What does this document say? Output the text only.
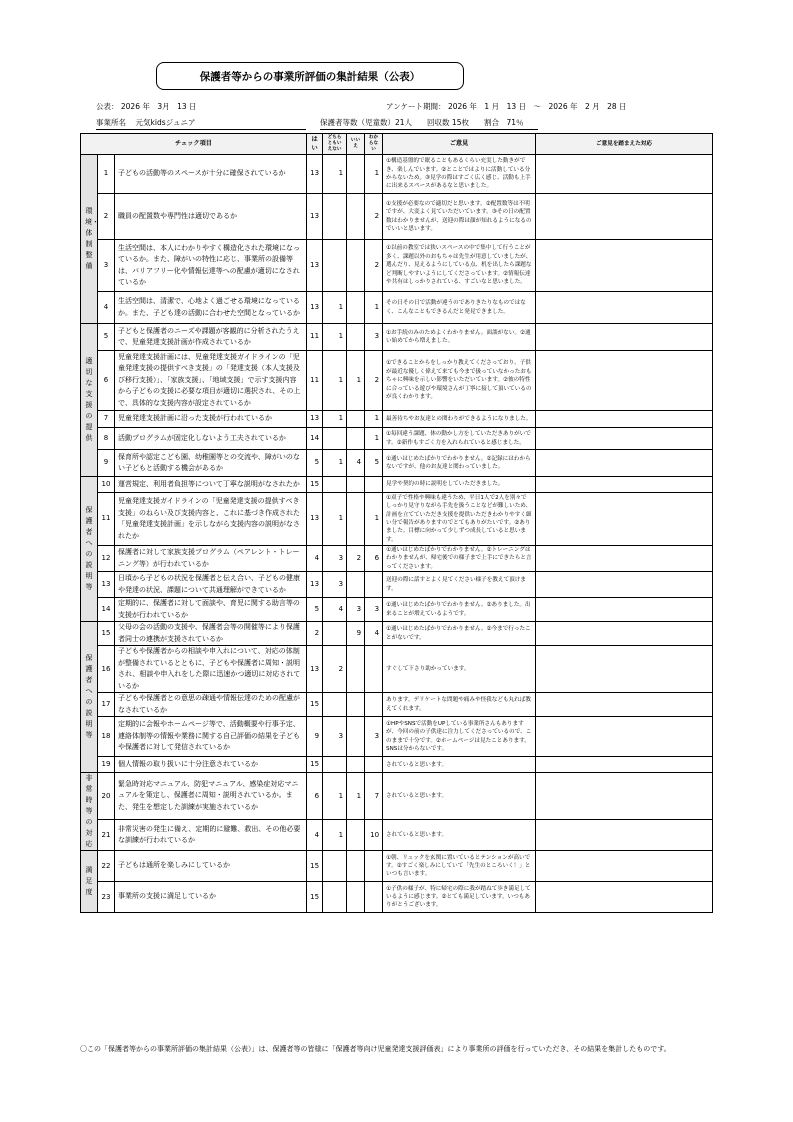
保護者等からの事業所評価の集計結果（公表）
公表： 2026 年　3月　13 日	アンケート期間： 2026 年　1 月　13 日　～　2026 年　2 月　28 日
事業所名 元気kidsジュニア	保護者等数（児童数）21人　　回収数 15枚　　割合　71％
チェック項目			はい	どちらともいえない	いいえ	わからない	ご意見	ご意見を踏まえた対応
環境・体制整備	1	子どもの活動等のスペースが十分に確保されているか	13	1		1	①構造基盤的で眠ることもあるくらい充実した動きができ、楽しんでいます。②とことではよりに活動している分からないため。③見学の際はすごく広く感じ、活動も上手に出来るスペースがあるなと思いました。	
	2	職員の配置数や専門性は適切であるか	13			2	①支援が必要なので適切だと思います。②配置数等は不明ですが、大変よく見ていただいています。③その日の配置数はわかりませんが、送迎の際は顔が知れるようになるのでいいと思います。	
	3	生活空間は、本人にわかりやすく構造化された環境になっているか。また、障がいの特性に応じ、事業所の設備等は、バリアフリー化や情報伝達等への配慮が適切になされているか	13			2	①以前の教室では狭いスペースの中で集中して行うことが多く、課題以外のおもちゃは先生が用意していましたが、選んだり、見えるようにしている点、机を出したら課題など判断しやすいようにしてくださっています。②情報伝達や共有はしっかりされている、すごいなと思いました。	
	4	生活空間は、清潔で、心地よく過ごせる環境になっているか。また、子ども達の活動に合わせた空間となっているか	13	1		1	その日その日で活動が違うのでありきたりなものではなく、こんなこともできるんだと発見できました。	
適切な支援の提供	5	子どもと保護者のニーズや課題が客観的に分析されたうえで、児童発達支援計画が作成されているか	11	1		3	①お手続のみのためよくわかりません。面談がない。②通い始めてから増えました。	
	6	児童発達支援計画には、児童発達支援ガイドラインの「児童発達支援の提供すべき支援」の「発達支援（本人支援及び移行支援）」、「家族支援」、「地域支援」で示す支援内容から子どもの支援に必要な項目が適切に選択され、その上で、具体的な支援内容が設定されているか	11	1	1	2	①できることからをしっかり教えてくださっており、子供が最近な優しく偉えて来ても今まで扱っていなかったおもちゃに興味を示しい影響をいただいています。②彼の特性に合っている遊びや環境さんが丁寧に接して頂いているのが良くわかります。	
	7	児童発達支援計画に沿った支援が行われているか	13	1		1	最善待ちやお友達との関わりができるようになりました。	
	8	活動プログラムが固定化しないよう工夫されているか	14			1	①毎回違う課題、体の動かし方をしていただきありがいです。②新作もすごく力を入れられていると感じました。	
	9	保育所や認定こども園、幼稚園等との交流や、障がいのない子どもと活動する機会があるか	5	1	4	5	①通いはじめたばかりでわかりません。②記録にはわからないですが、他のお友達と関わっていました。	
保護者への説明等	10	運営規定、利用者負担等について丁寧な説明がなされたか	15				見学や契約の時に説明をしていただきました。	
	11	児童発達支援ガイドラインの「児童発達支援の提供すべき支援」のねらい及び支援内容と、これに基づき作成された「児童発達支援計画」を示しながら支援内容の説明がなされたか	13	1		1	①双子で性格や興味も違うため、平日1人で2人を別々でしっかり見守りながら手先を扱うことなどが難しいため、計画を立てていただき支援を提供いただきわかりやすく細い分で報告がありますのでとてもありがたいです。②ありました。目標に向かって少しずつ成長していると思います。	
	12	保護者に対して家族支援プログラム（ペアレント・トレーニング等）が行われているか	4	3	2	6	①通いはじめたばかりでわかりません。②トレーニングはわかりませんが、帰宅後での様子まで上手にできたらと言ってくださいます。	
	13	日頃から子どもの状況を保護者と伝え合い、子どもの健康や発達の状況、課題について共通理解ができているか	13	3			送迎の際に話すとよく見てください様子を教えて頂けます。	
	14	定期的に、保護者に対して面談や、育児に関する助言等の支援が行われているか	5	4	3	3	①通いはじめたばかりでわかりません。②ありました。出来ることが増えているようです。	
保護者への説明等	15	父母の会の活動の支援や、保護者会等の開催等により保護者同士の連携が支援されているか	2		9	4	①通いはじめたばかりでわかりません。②今まで行ったことがないです。	
	16	子どもや保護者からの相談や申入れについて、対応の体制が整備されているとともに、子どもや保護者に周知・説明され、相談や申入れをした際に迅速かつ適切に対応されているか	13	2			すぐして下さり助かっています。	
	17	子どもや保護者との意思の疎通や情報伝達のための配慮がなされているか	15				あります。デリケートな問題や痛みや怪我なども丸れば教えてくれます。	
	18	定期的に会報やホームページ等で、活動概要や行事予定、連絡体制等の情報や業務に関する自己評価の結果を子どもや保護者に対して発信されているか	9	3		3	①HPやSNSで活動をUPしている事業所さんもありますが、今回の前の子供達に注力してくださっているので、このままで十分です。②ホームページは見たことあります。SNSは分からないです。	
	19	個人情報の取り扱いに十分注意されているか	15				されていると思います。	
非常時等の対応	20	緊急時対応マニュアル、防犯マニュアル、感染症対応マニュアルを策定し、保護者に周知・説明されているか。また、発生を想定した訓練が実施されているか	6	1	1	7	されていると思います。	
	21	非常災害の発生に備え、定期的に避難、救出、その他必要な訓練が行われているか	4	1		10	されていると思います。	
満足度	22	子どもは通所を楽しみにしているか	15				①朝、リュックを玄関に置いているとテンションが高いです。②すごく楽しみにしていて「先生のところいく！」といつも言います。	
	23	事業所の支援に満足しているか	15				①子供の様子が、特に帰宅の際に我が踏ねて歩き満足しているように感じます。②とても満足しています。いつもありがとうございます。	
〇この「保護者等からの事業所評価の集計結果（公表）」は、保護者等の皆様に「保護者等向け児童発達支援評価表」により事業所の評価を行っていただき、その結果を集計したものです。
